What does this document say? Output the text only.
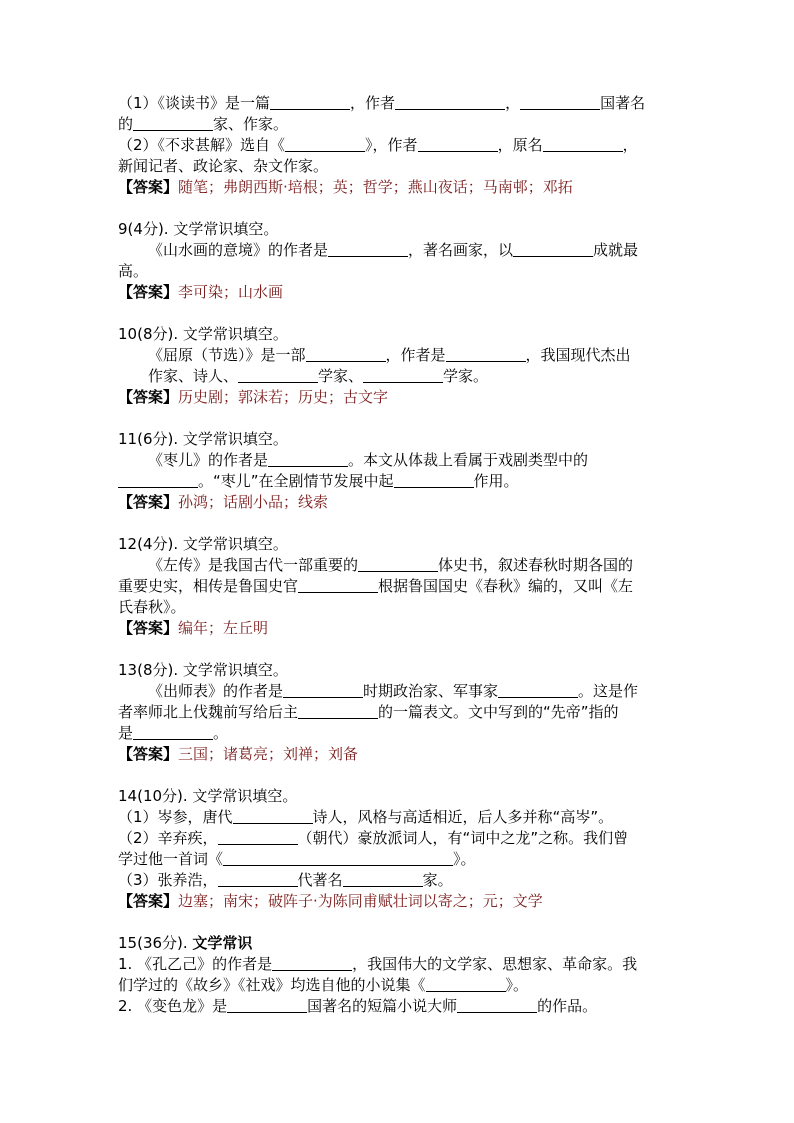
（1）《谈读书》是一篇	，作者	，	国著名
的	家、作家。
（2）《不求甚解》选自《	》，作者	，原名	，
新闻记者、政论家、杂文作家。
【答案】随笔；弗朗西斯·培根；英；哲学；燕山夜话；马南邨；邓拓
9(4分). 文学常识填空。
《山水画的意境》的作者是	，著名画家，以	成就最
高。
【答案】李可染；山水画
10(8分). 文学常识填空。
《屈原（节选）》是一部	，作者是	，我国现代杰出
作家、诗人、	学家、	学家。
【答案】历史剧；郭沫若；历史；古文字
11(6分). 文学常识填空。
《枣儿》的作者是	。本文从体裁上看属于戏剧类型中的
。“枣儿”在全剧情节发展中起	作用。
【答案】孙鸿；话剧小品；线索
12(4分). 文学常识填空。
《左传》是我国古代一部重要的	体史书，叙述春秋时期各国的
重要史实，相传是鲁国史官	根据鲁国国史《春秋》编的，又叫《左
氏春秋》。
【答案】编年；左丘明
13(8分). 文学常识填空。
《出师表》的作者是	时期政治家、军事家	。这是作
者率师北上伐魏前写给后主	的一篇表文。文中写到的“先帝”指的
是	。
【答案】三国；诸葛亮；刘禅；刘备
14(10分). 文学常识填空。
（1）岑参，唐代	诗人，风格与高适相近，后人多并称“高岑”。
（2）辛弃疾，	（朝代）豪放派词人，有“词中之龙”之称。我们曾
学过他一首词《	》。
（3）张养浩，	代著名	家。
【答案】边塞；南宋；破阵子·为陈同甫赋壮词以寄之；元；文学
15(36分). 文学常识
1. 《孔乙己》的作者是	，我国伟大的文学家、思想家、革命家。我
们学过的《故乡》《社戏》均选自他的小说集《	》。
2. 《变色龙》是	国著名的短篇小说大师	的作品。
